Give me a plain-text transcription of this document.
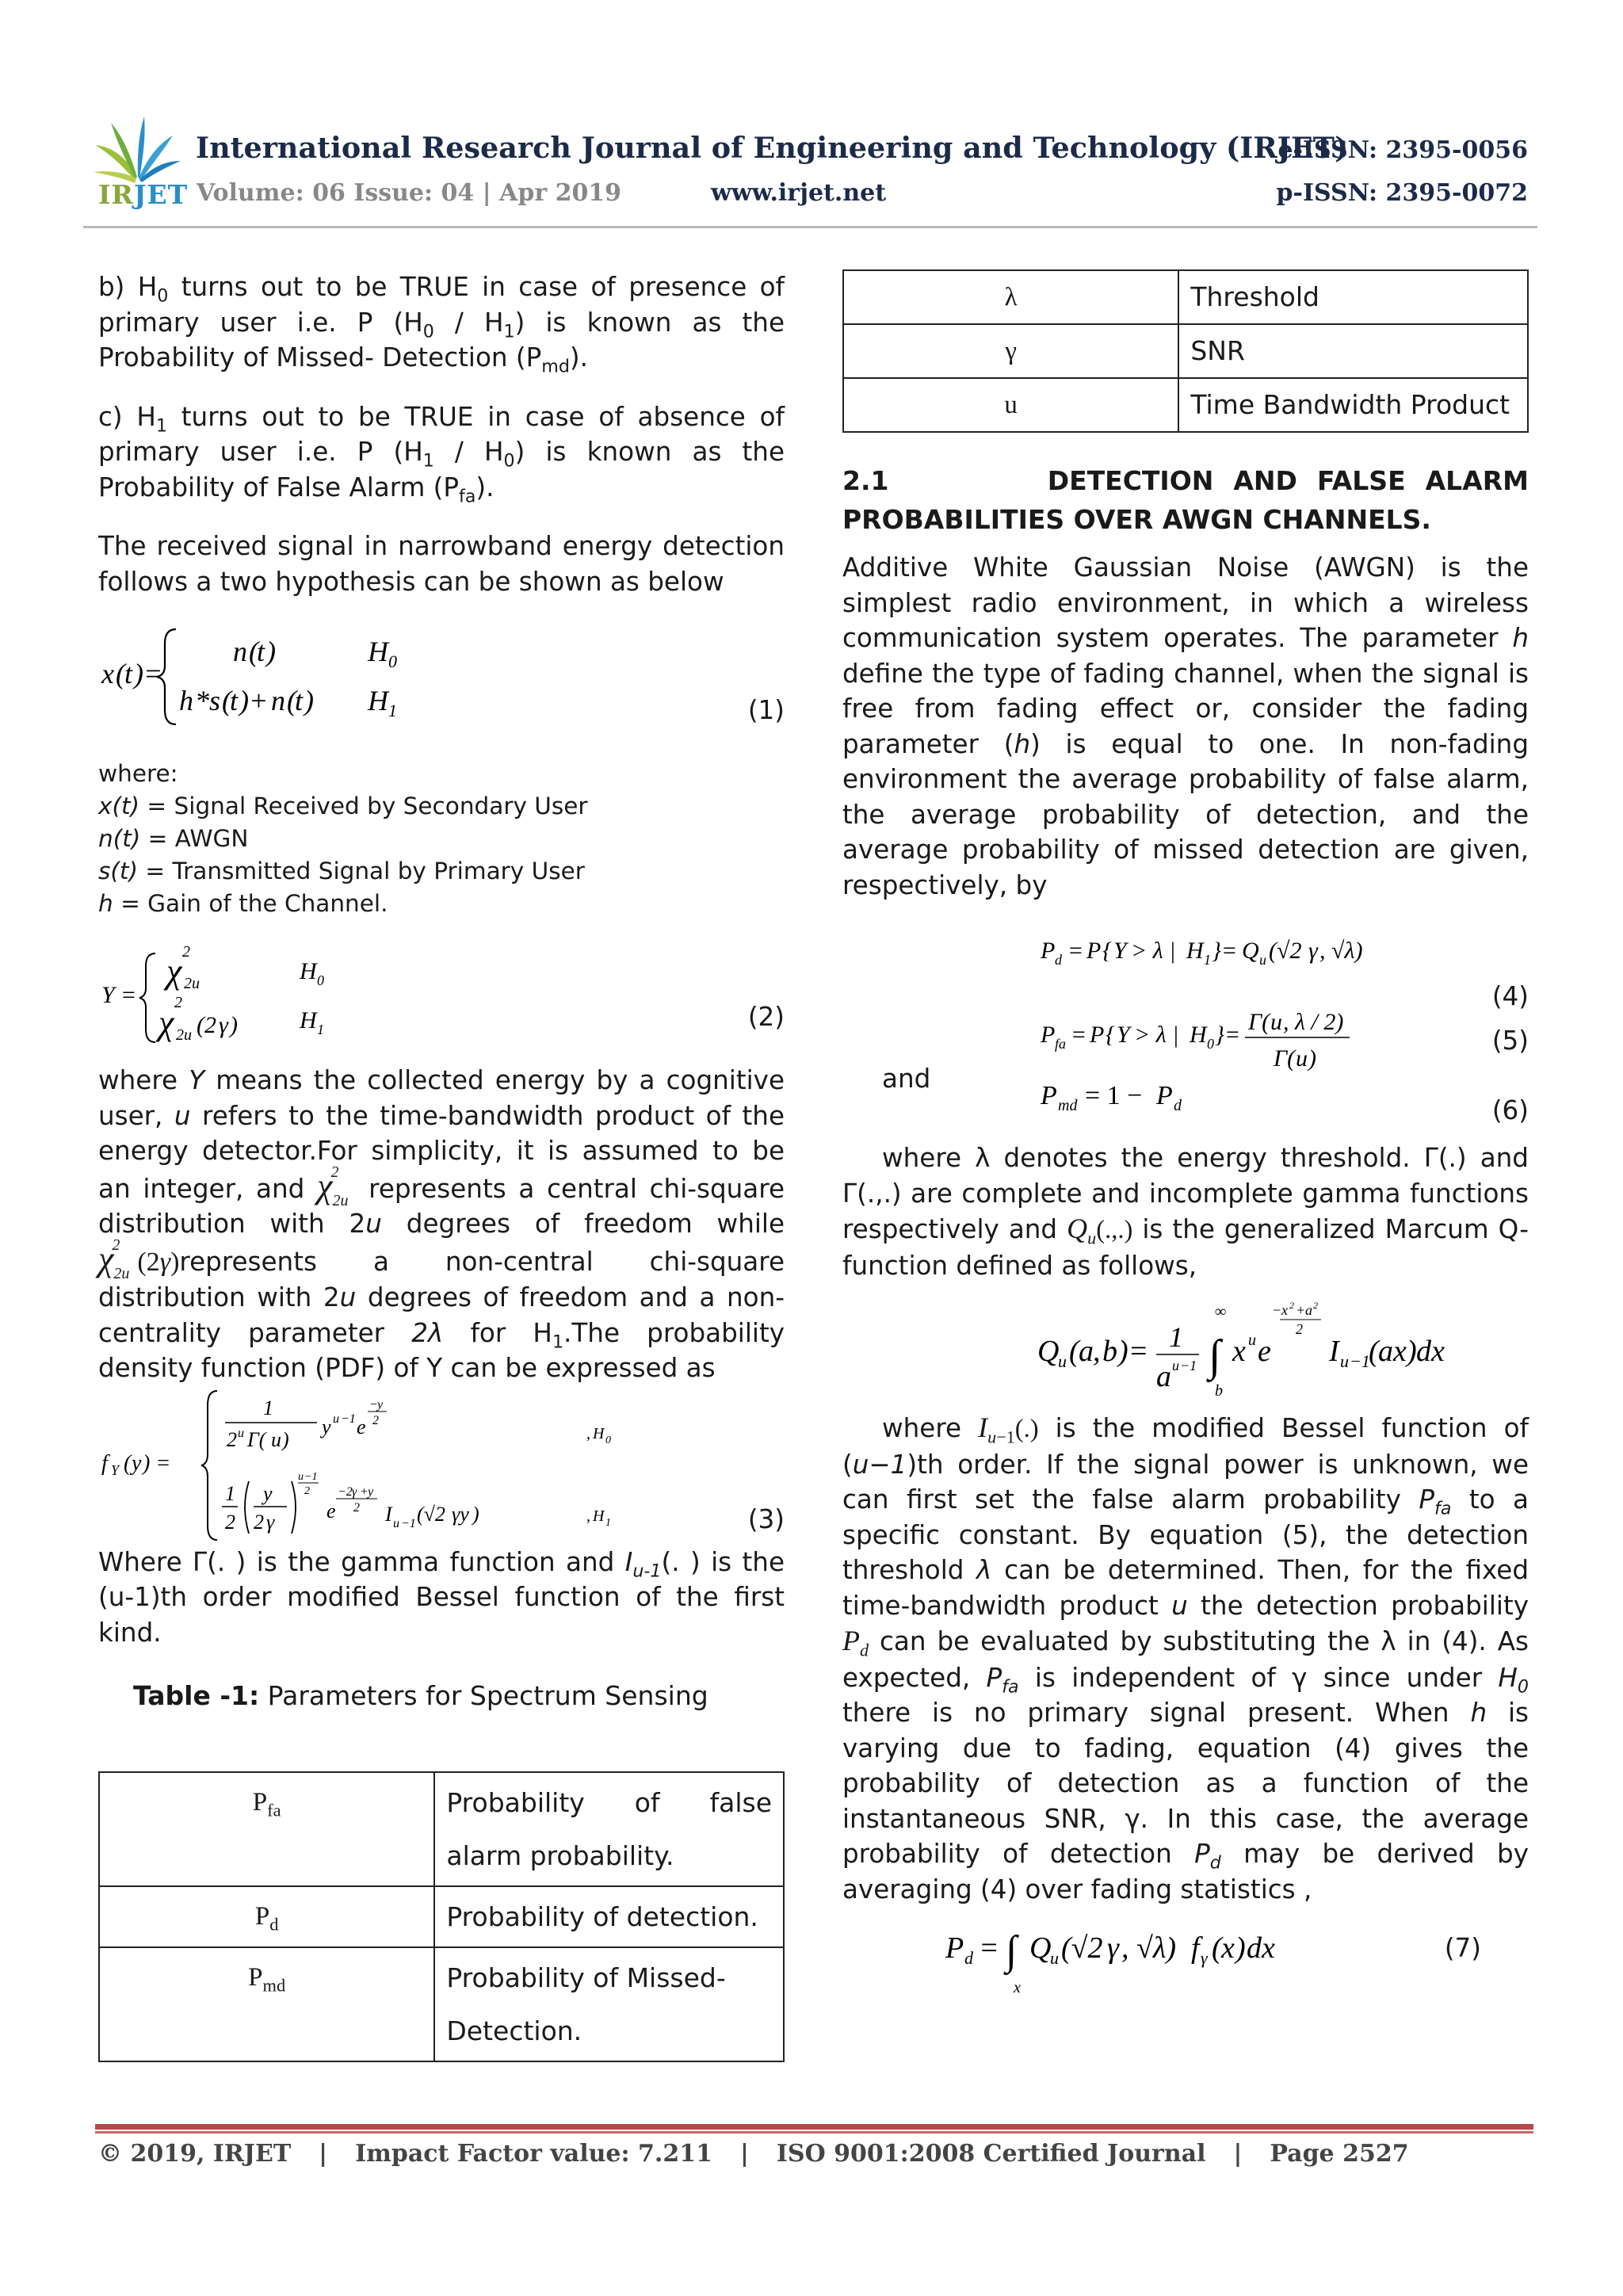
IRJET
International Research Journal of Engineering and Technology (IRJET)
e-ISSN: 2395-0056
Volume: 06 Issue: 04 | Apr 2019	www.irjet.net	p-ISSN: 2395-0072

b) $H_0$ turns out to be TRUE in case of presence of primary user i.e. P $(H_0 / H_1)$ is known as the Probability of Missed- Detection $(P_{md})$.

c) $H_1$ turns out to be TRUE in case of absence of primary user i.e. P $(H_1 / H_0)$ is known as the Probability of False Alarm $(P_{fa})$.

The received signal in narrowband energy detection follows a two hypothesis can be shown as below

x ( t )=
n (
t )
h * s (
t )+ n (
t )
H 0
H 1	(1)
where:
x(t) = Signal Received by Secondary User
n(t) = AWGN
s(t) = Transmitted Signal by Primary User
h = Gain of the Channel.
Y =
2
χ 2u
2
χ 2u (2 γ )
H 0
H 1	(2)

where Y means the collected energy by a cognitive user, u refers to the time-bandwidth product of the energy detector.For simplicity, it is assumed to be an integer, and $\chi_{2u}^2$ represents a central chi-square distribution with 2u degrees of freedom while $\chi_{2u}^2(2\gamma)represents$ a non-central chi-square distribution with 2u degrees of freedom and a non-centrality parameter 2λ for $H_1.The$ probability density function (PDF) of Y can be expressed as

f Y ( y ) =
1
2 u Γ( u )
y u −1 e
− y
2
, H 0
1
2
y
2 γ
u −1
2
e
−2 γ + y
2 I u −1 (√2 γy )	, H 1	(3)

Where Γ(. ) is the gamma function and $I_{u-1}$(. ) is the (u-1)th order modified Bessel function of the first kind.

Table -1: Parameters for Spectrum Sensing
$P_{fa}$	Probability of false alarm probability.
$P_d$	Probability of detection.
$P_{md}$	Probability of Missed-Detection.
λ	Threshold
γ	SNR
u	Time Bandwidth Product
2.1	DETECTION AND FALSE ALARM PROBABILITIES OVER AWGN CHANNELS.

Additive White Gaussian Noise (AWGN) is the simplest radio environment, in which a wireless communication system operates. The parameter h define the type of fading channel, when the signal is free from fading effect or, consider the fading parameter (h) is equal to one. In non-fading environment the average probability of false alarm, the average probability of detection, and the average probability of missed detection are given, respectively, by

P d = P { Y > λ | H 1 }= Q u (√2 γ , √λ)
P fa = P { Y > λ | H 0 }= Γ( u , λ / 2)
Γ( u )
(4)
(5)
and
P md = 1 − P d	(6)

where λ denotes the energy threshold. Γ(.) and Γ(.,.) are complete and incomplete gamma functions respectively and $Q_u(.,.)$ is the generalized Marcum Q-function defined as follows,

Q
u ( a , b )= 1
a u −1 ∫
∞
b
x u e
− x 2 + a 2
2
I u −1
( ax ) dx

where $I_{u-1}(.)$ is the modified Bessel function of (u−1)th order. If the signal power is unknown, we can first set the false alarm probability $P_{fa}$ to a specific constant. By equation (5), the detection threshold λ can be determined. Then, for the fixed time-bandwidth product u the detection probability $P_d$ can be evaluated by substituting the λ in (4). As expected, $P_{fa}$ is independent of γ since under $H_0$ there is no primary signal present. When h is varying due to fading, equation (4) gives the probability of detection as a function of the instantaneous SNR, γ. In this case, the average probability of detection $P_d$ may be derived by averaging (4) over fading statistics ,

P d = ∫
x
Q
u (√2 γ , √λ) f γ ( x ) dx	(7)
© 2019, IRJET | Impact Factor value: 7.211 | ISO 9001:2008 Certified Journal | Page 2527
